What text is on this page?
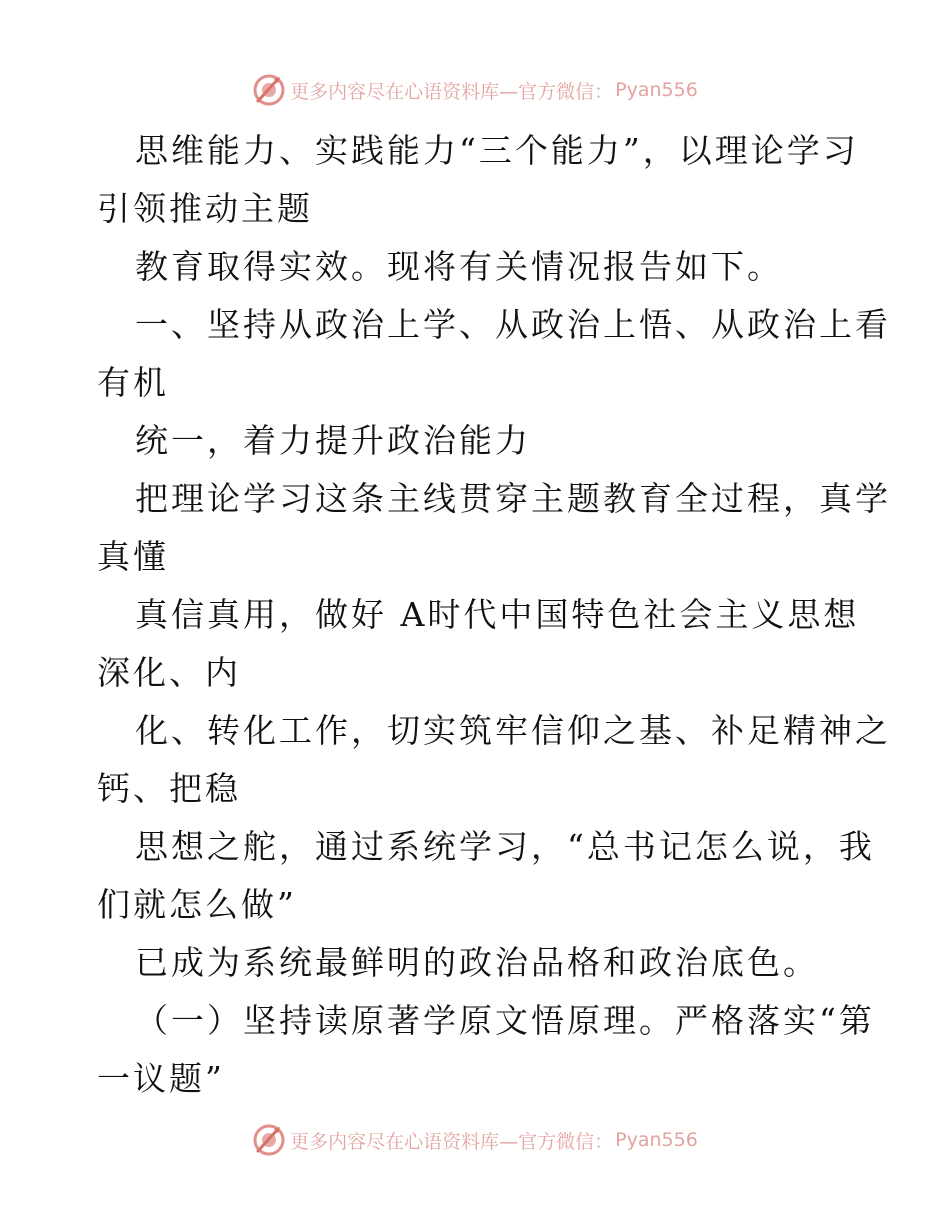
更多内容尽在心语资料库—官方微信： Pyan556
思维能力、实践能力“三个能力”，以理论学习
引领推动主题
教育取得实效。现将有关情况报告如下。
一、坚持从政治上学、从政治上悟、从政治上看
有机
统一，着力提升政治能力
把理论学习这条主线贯穿主题教育全过程，真学
真懂
真信真用，做好 A时代中国特色社会主义思想
深化、内
化、转化工作，切实筑牢信仰之基、补足精神之
钙、把稳
思想之舵，通过系统学习，“总书记怎么说，我
们就怎么做”
已成为系统最鲜明的政治品格和政治底色。
（一）坚持读原著学原文悟原理。严格落实“第
一议题”
更多内容尽在心语资料库—官方微信： Pyan556
